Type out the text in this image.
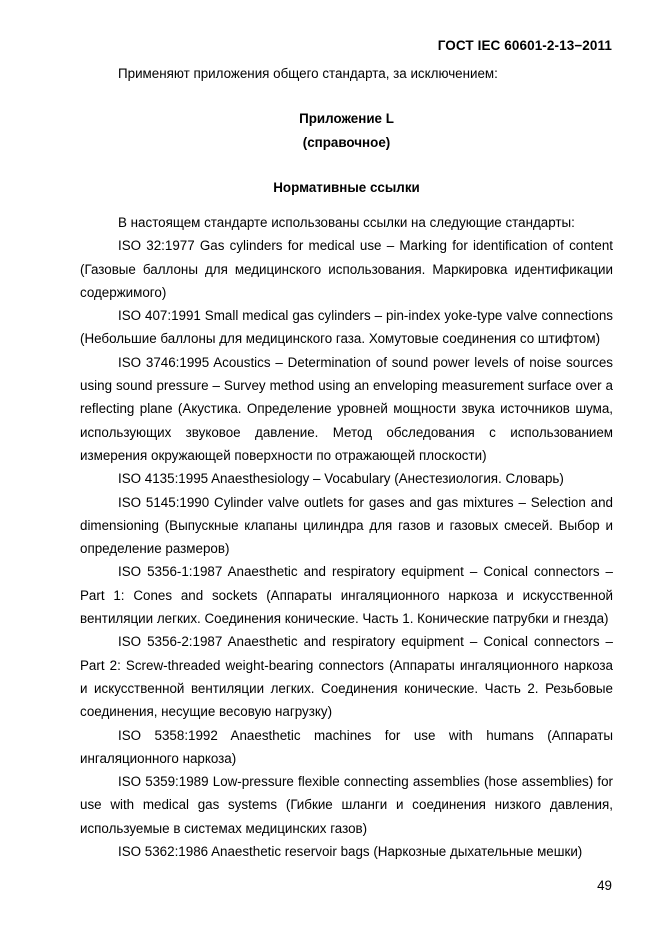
ГОСТ IEC 60601-2-13−2011
Применяют приложения общего стандарта, за исключением:
Приложение L
(справочное)
Нормативные ссылки

В настоящем стандарте использованы ссылки на следующие стандарты:

ISO 32:1977 Gas cylinders for medical use – Marking for identification of content (Газовые баллоны для медицинского использования. Маркировка идентификации содержимого)

ISO 407:1991 Small medical gas cylinders – pin-index yoke-type valve connections (Небольшие баллоны для медицинского газа. Хомутовые соединения со штифтом)

ISO 3746:1995 Acoustics – Determination of sound power levels of noise sources using sound pressure – Survey method using an enveloping measurement surface over a reflecting plane (Акустика. Определение уровней мощности звука источников шума, использующих звуковое давление. Метод обследования с использованием измерения окружающей поверхности по отражающей плоскости)

ISO 4135:1995 Anaesthesiology – Vocabulary (Анестезиология. Словарь)

ISO 5145:1990 Cylinder valve outlets for gases and gas mixtures – Selection and dimensioning (Выпускные клапаны цилиндра для газов и газовых смесей. Выбор и определение размеров)

ISO 5356-1:1987 Anaesthetic and respiratory equipment – Conical connectors – Part 1: Cones and sockets (Аппараты ингаляционного наркоза и искусственной вентиляции легких. Соединения конические. Часть 1. Конические патрубки и гнезда)

ISO 5356-2:1987 Anaesthetic and respiratory equipment – Conical connectors – Part 2: Screw-threaded weight-bearing connectors (Аппараты ингаляционного наркоза и искусственной вентиляции легких. Соединения конические. Часть 2. Резьбовые соединения, несущие весовую нагрузку)

ISO 5358:1992 Anaesthetic machines for use with humans (Аппараты ингаляционного наркоза)

ISO 5359:1989 Low-pressure flexible connecting assemblies (hose assemblies) for use with medical gas systems (Гибкие шланги и соединения низкого давления, используемые в системах медицинских газов)

ISO 5362:1986 Anaesthetic reservoir bags (Наркозные дыхательные мешки)

49
